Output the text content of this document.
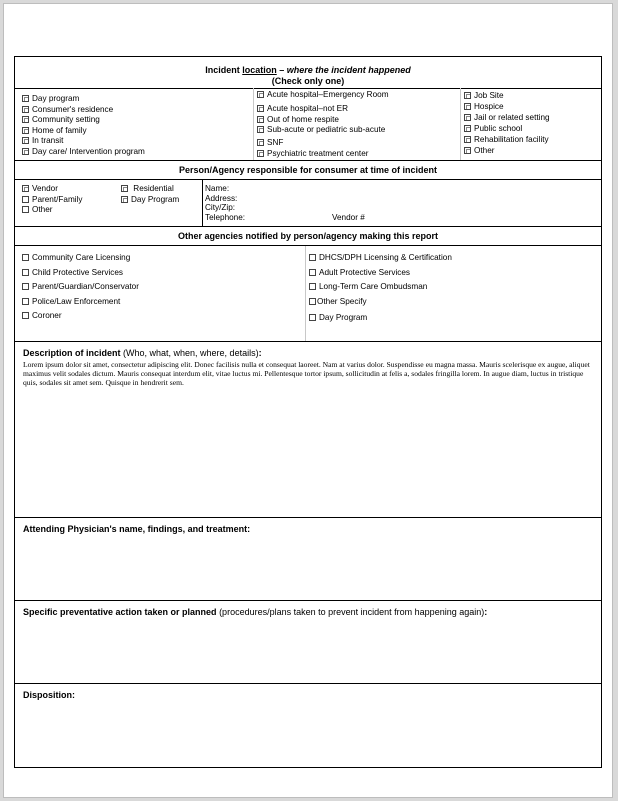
Incident location – where the incident happened
(Check only one)
Day program
Consumer's residence
Community setting
Home of family
In transit
Day care/ Intervention program
Acute hospital–Emergency Room
Acute hospital–not ER
Out of home respite
Sub-acute or pediatric sub-acute
SNF
Psychiatric treatment center
Job Site
Hospice
Jail or related setting
Public school
Rehabilitation facility
Other
Person/Agency responsible for consumer at time of incident
Vendor
Parent/Family
Other
Residential
Day Program
Name:
Address:
City/Zip:
Telephone:	Vendor #
Other agencies notified by person/agency making this report
Community Care Licensing
Child Protective Services
Parent/Guardian/Conservator
Police/Law Enforcement
Coroner
DHCS/DPH Licensing & Certification
Adult Protective Services
Long-Term Care Ombudsman
Other Specify
Day Program
Description of incident (Who, what, when, where, details):
Lorem ipsum dolor sit amet, consectetur adipiscing elit. Donec facilisis nulla et consequat laoreet. Nam at varius dolor. Suspendisse eu magna massa. Mauris scelerisque ex augue, aliquet maximus velit sodales dictum. Mauris consequat interdum elit, vitae luctus mi. Pellentesque tortor ipsum, sollicitudin at felis a, sodales fringilla lorem. In augue diam, luctus in tristique quis, sodales sit amet sem. Quisque in hendrerit sem.
Attending Physician's name, findings, and treatment:
Specific preventative action taken or planned (procedures/plans taken to prevent incident from happening again):
Disposition:
